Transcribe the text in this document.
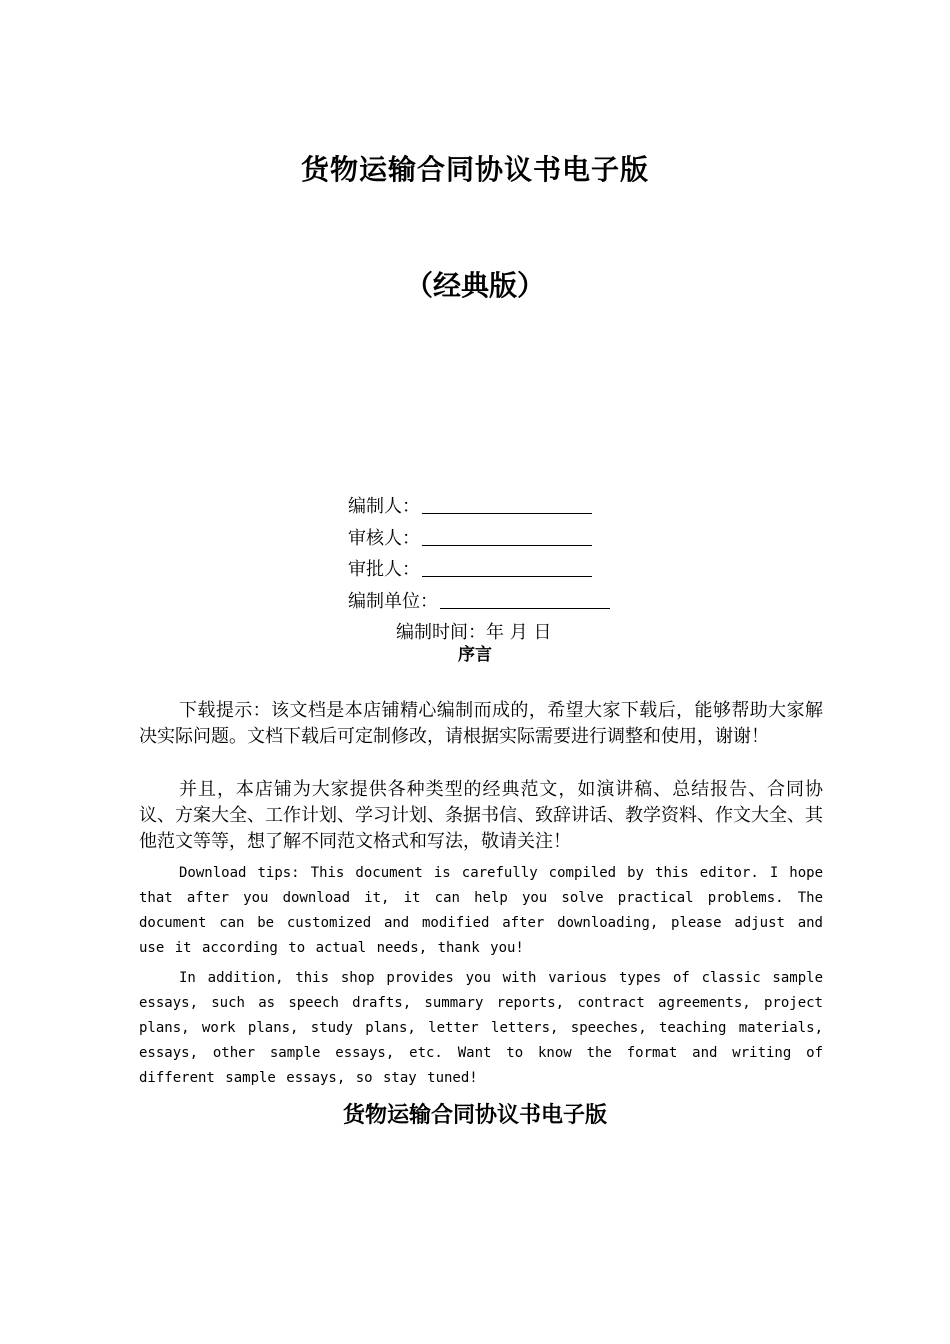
货物运输合同协议书电子版
（经典版）
编制人：
审核人：
审批人：
编制单位：
编制时间：年 月 日
序言

下载提示：该文档是本店铺精心编制而成的，希望大家下载后，能够帮助大家解决实际问题。文档下载后可定制修改，请根据实际需要进行调整和使用，谢谢！

并且，本店铺为大家提供各种类型的经典范文，如演讲稿、总结报告、合同协议、方案大全、工作计划、学习计划、条据书信、致辞讲话、教学资料、作文大全、其他范文等等，想了解不同范文格式和写法，敬请关注！

Download tips: This document is carefully compiled by this editor. I hope that after you download it, it can help you solve practical problems. The document can be customized and modified after downloading, please adjust and use it according to actual needs, thank you!

In addition, this shop provides you with various types of classic sample essays, such as speech drafts, summary reports, contract agreements, project plans, work plans, study plans, letter letters, speeches, teaching materials, essays, other sample essays, etc. Want to know the format and writing of different sample essays, so stay tuned!

货物运输合同协议书电子版
